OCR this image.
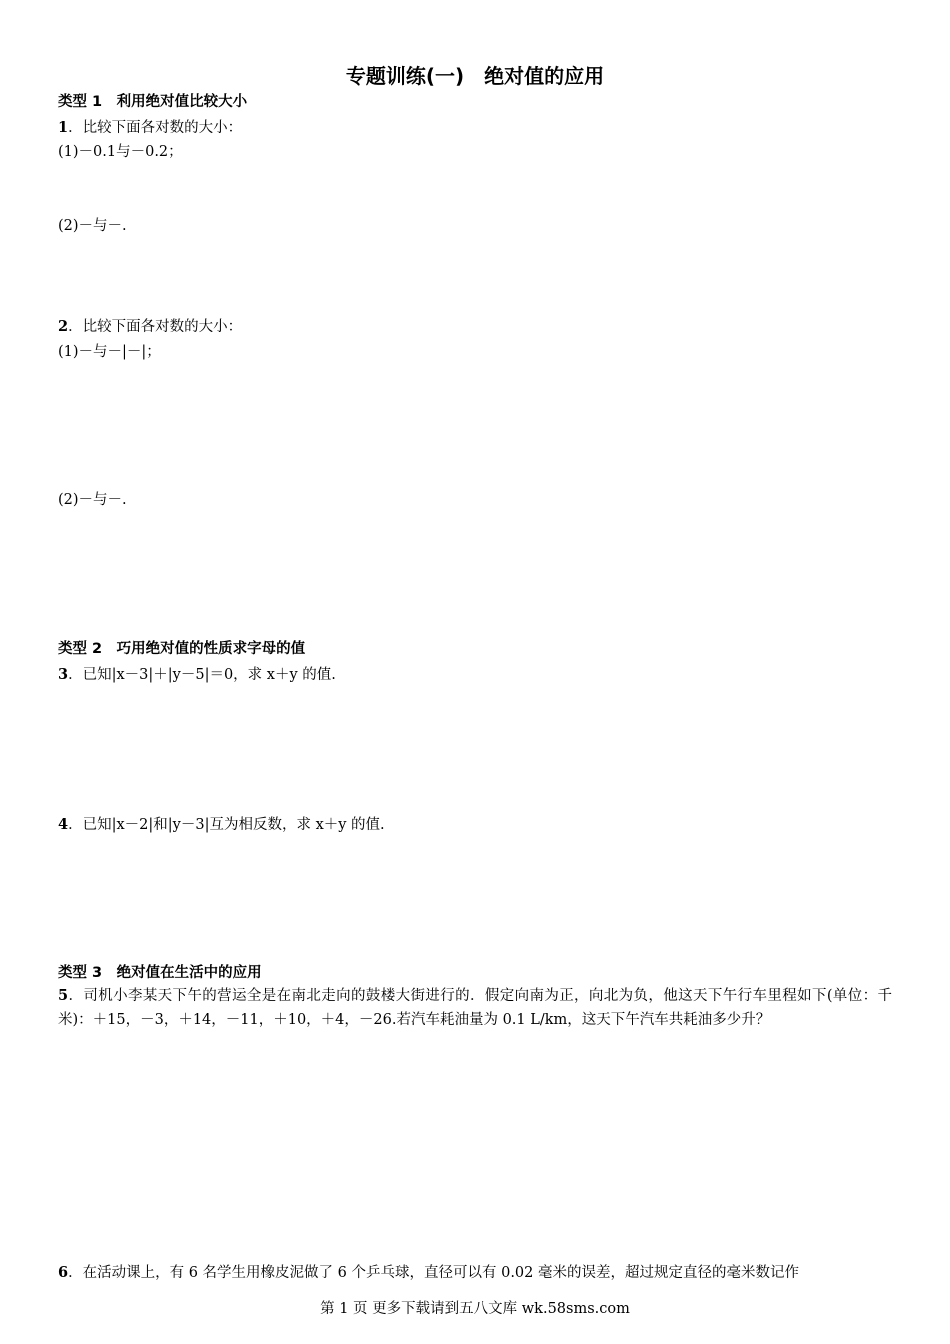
专题训练(一)　绝对值的应用
类型 1　利用绝对值比较大小
1．比较下面各对数的大小：
(1)－0.1与－0.2；
(2)－与－.
2．比较下面各对数的大小：
(1)－与－|－|；
(2)－与－.
类型 2　巧用绝对值的性质求字母的值
3．已知|x－3|＋|y－5|＝0，求 x＋y 的值.
4．已知|x－2|和|y－3|互为相反数，求 x＋y 的值.
类型 3　绝对值在生活中的应用
5．司机小李某天下午的营运全是在南北走向的鼓楼大街进行的．假定向南为正，向北为负，他这天下午行车里程如下(单位：千米)：＋15，－3，＋14，－11，＋10，＋4，－26.若汽车耗油量为 0.1 L/km，这天下午汽车共耗油多少升？
6．在活动课上，有 6 名学生用橡皮泥做了 6 个乒乓球，直径可以有 0.02 毫米的误差，超过规定直径的毫米数记作
第 1 页 更多下载请到五八文库 wk.58sms.com
